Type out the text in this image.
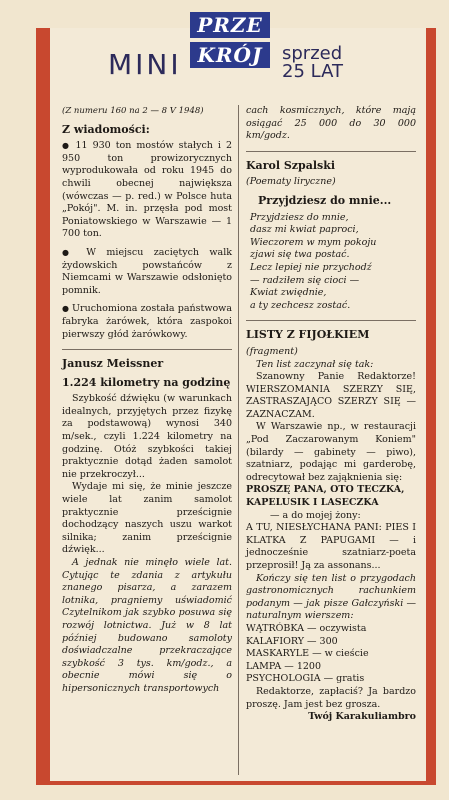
PRZE
KRÓJ
MINI	sprzed
25 LAT
(Z numeru 160 na 2 — 8 V 1948)
Z wiadomości:
● 11 930 ton mostów stałych i 2 950 ton prowizorycznych wyprodukowała od roku 1945 do chwili obecnej największa (wówczas — p. red.) w Polsce huta „Pokój". M. in. przęsła pod most Poniatowskiego w Warszawie — 1 700 ton.
● W miejscu zaciętych walk żydowskich powstańców z Niemcami w Warszawie odsłonięto pomnik.
● Uruchomiona została państwowa fabryka żarówek, która zaspokoi pierwszy głód żarówkowy.
Janusz Meissner
1.224 kilometry na godzinę
Szybkość dźwięku (w warunkach idealnych, przyjętych przez fizykę za podstawową) wynosi 340 m/sek., czyli 1.224 kilometry na godzinę. Otóż szybkości takiej praktycznie dotąd żaden samolot nie przekroczył...
Wydaje mi się, że minie jeszcze wiele lat zanim samolot praktycznie prześcignie dochodzący naszych uszu warkot silnika; zanim prześcignie dźwięk...
A jednak nie minęło wiele lat. Cytując te zdania z artykułu znanego pisarza, a zarazem lotnika, pragniemy uświadomić Czytelnikom jak szybko posuwa się rozwój lotnictwa. Już w 8 lat później budowano samoloty doświadczalne przekraczające szybkość 3 tys. km/godz., a obecnie mówi się o hipersonicznych transportowych
cach kosmicznych, które mają osiągać 25 000 do 30 000 km/godz.
Karol Szpalski
(Poematy liryczne)
Przyjdziesz do mnie...
Przyjdziesz do mnie,
dasz mi kwiat paproci,
Wieczorem w mym pokoju
zjawi się twa postać.
Lecz lepiej nie przychodź
— radziłem się cioci —
Kwiat zwiędnie,
a ty zechcesz zostać.
LISTY Z FIJOŁKIEM
(fragment)
Ten list zaczynał się tak:
Szanowny Panie Redaktorze! WIERSZOMANIA SZERZY SIĘ, ZASTRASZAJĄCO SZERZY SIĘ — ZAZNACZAM.
W Warszawie np., w restauracji „Pod Zaczarowanym Koniem" (bilardy — gabinety — piwo), szatniarz, podając mi garderobę, odrecytował bez zająknienia się:
PROSZĘ PANA, OTO TECZKA, KAPELUSIK I LASECZKA
— a do mojej żony:
A TU, NIESŁYCHANA PANI: PIES I KLATKA Z PAPUGAMI — i jednocześnie szatniarz-poeta przeprosił! Ją za assonans...
Kończy się ten list o przygodach gastronomicznych rachunkiem podanym — jak pisze Gałczyński — naturalnym wierszem:
WĄTRÓBKA — oczywista
KALAFIORY — 300
MASKARYLE — w cieście
LAMPA — 1200
PSYCHOLOGIA — gratis
Redaktorze, zapłaciś? Ja bardzo proszę. Jam jest bez grosza.
Twój Karakuliambro
